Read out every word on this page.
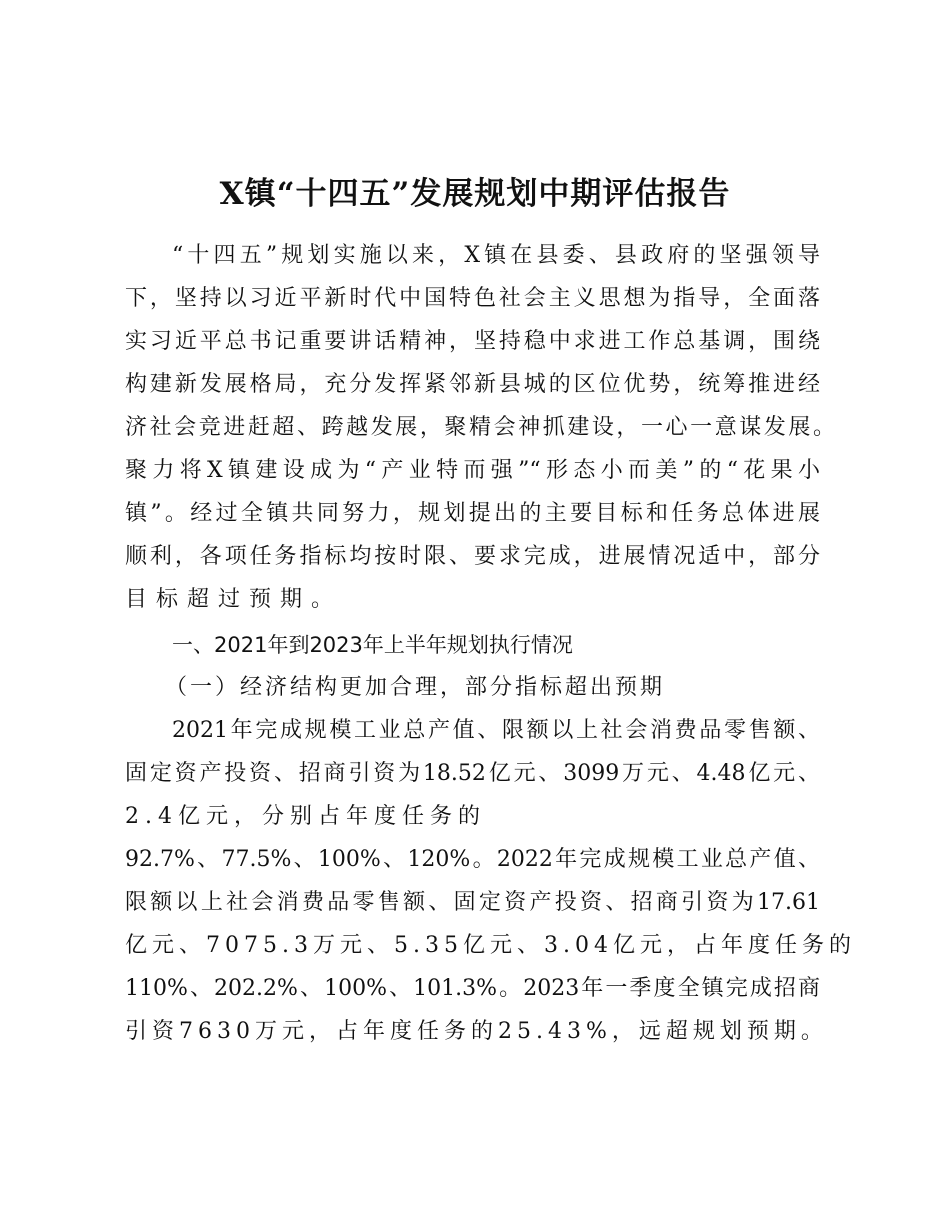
X镇“十四五”发展规划中期评估报告
“十四五”规划实施以来，X镇在县委、县政府的坚强领导
下，坚持以习近平新时代中国特色社会主义思想为指导，全面落
实习近平总书记重要讲话精神，坚持稳中求进工作总基调，围绕
构建新发展格局，充分发挥紧邻新县城的区位优势，统筹推进经
济社会竞进赶超、跨越发展，聚精会神抓建设，一心一意谋发展。
聚力将X镇建设成为“产业特而强”“形态小而美”的“花果小
镇”。经过全镇共同努力，规划提出的主要目标和任务总体进展
顺利，各项任务指标均按时限、要求完成，进展情况适中，部分
目标超过预期。
一、2021年到2023年上半年规划执行情况
（一）经济结构更加合理，部分指标超出预期
2021年完成规模工业总产值、限额以上社会消费品零售额、
固定资产投资、招商引资为18.52亿元、3099万元、4.48亿元、
2.4亿元，分别占年度任务的
92.7%、77.5%、100%、120%。2022年完成规模工业总产值、
限额以上社会消费品零售额、固定资产投资、招商引资为17.61
亿元、7075.3万元、5.35亿元、3.04亿元，占年度任务的
110%、202.2%、100%、101.3%。2023年一季度全镇完成招商
引资7630万元，占年度任务的25.43%，远超规划预期。
